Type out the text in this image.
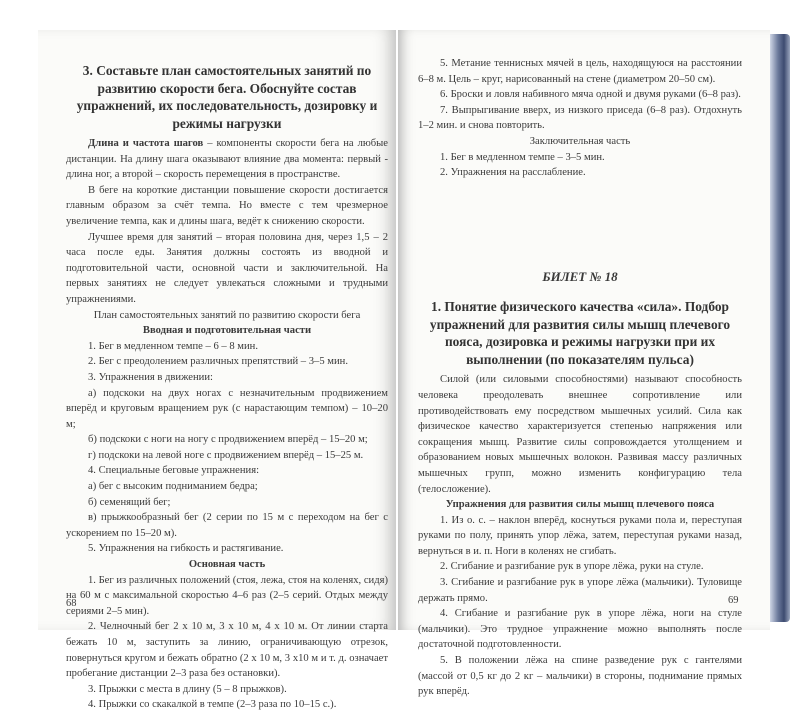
3. Составьте план самостоятельных занятий по развитию скорости бега. Обоснуйте состав упражнений, их последовательность, дозировку и режимы нагрузки

Длина и частота шагов – компоненты скорости бега на любые дистанции. На длину шага оказывают влияние два момента: первый - длина ног, а второй – скорость перемещения в пространстве.

В беге на короткие дистанции повышение скорости достигается главным образом за счёт темпа. Но вместе с тем чрезмерное увеличение темпа, как и длины шага, ведёт к снижению скорости.

Лучшее время для занятий – вторая половина дня, через 1,5 – 2 часа после еды. Занятия должны состоять из вводной и подготовительной части, основной части и заключительной. На первых занятиях не следует увлекаться сложными и трудными упражнениями.

План самостоятельных занятий по развитию скорости бега

Вводная и подготовительная части

1. Бег в медленном темпе – 6 – 8 мин.

2. Бег с преодолением различных препятствий – 3–5 мин.

3. Упражнения в движении:

а) подскоки на двух ногах с незначительным продвижением вперёд и круговым вращением рук (с нарастающим темпом) – 10–20 м;

б) подскоки с ноги на ногу с продвижением вперёд – 15–20 м;

г) подскоки на левой ноге с продвижением вперёд – 15–25 м.

4. Специальные беговые упражнения:

а) бег с высоким подниманием бедра;

б) семенящий бег;

в) прыжкообразный бег (2 серии по 15 м с переходом на бег с ускорением по 15–20 м).

5. Упражнения на гибкость и растягивание.

Основная часть

1. Бег из различных положений (стоя, лежа, стоя на коленях, сидя) на 60 м с максимальной скоростью 4–6 раз (2–5 серий. Отдых между сериями 2–5 мин).

2. Челночный бег 2 х 10 м, 3 х 10 м, 4 х 10 м. От линии старта бежать 10 м, заступить за линию, ограничивающую отрезок, повернуться кругом и бежать обратно (2 х 10 м, 3 х10 м и т. д. означает пробегание дистанции 2–3 раза без остановки).

3. Прыжки с места в длину (5 – 8 прыжков).

4. Прыжки со скакалкой в темпе (2–3 раза по 10–15 с.).

68

5. Метание теннисных мячей в цель, находящуюся на расстоянии 6–8 м. Цель – круг, нарисованный на стене (диаметром 20–50 см).

6. Броски и ловля набивного мяча одной и двумя руками (6–8 раз).

7. Выпрыгивание вверх, из низкого приседа (6–8 раз). Отдохнуть 1–2 мин. и снова повторить.

Заключительная часть

1. Бег в медленном темпе – 3–5 мин.

2. Упражнения на расслабление.

БИЛЕТ № 18
1. Понятие физического качества «сила». Подбор упражнений для развития силы мышц плечевого пояса, дозировка и режимы нагрузки при их выполнении (по показателям пульса)

Силой (или силовыми способностями) называют способность человека преодолевать внешнее сопротивление или противодействовать ему посредством мышечных усилий. Сила как физическое качество характеризуется степенью напряжения или сокращения мышц. Развитие силы сопровождается утолщением и образованием новых мышечных волокон. Развивая массу различных мышечных групп, можно изменить конфигурацию тела (телосложение).

Упражнения для развития силы мышц плечевого пояса

1. Из о. с. – наклон вперёд, коснуться руками пола и, переступая руками по полу, принять упор лёжа, затем, переступая руками назад, вернуться в и. п. Ноги в коленях не сгибать.

2. Сгибание и разгибание рук в упоре лёжа, руки на стуле.

3. Сгибание и разгибание рук в упоре лёжа (мальчики). Туловище держать прямо.

4. Сгибание и разгибание рук в упоре лёжа, ноги на стуле (мальчики). Это трудное упражнение можно выполнять после достаточной подготовленности.

5. В положении лёжа на спине разведение рук с гантелями (массой от 0,5 кг до 2 кг – мальчики) в стороны, поднимание прямых рук вперёд.

69
